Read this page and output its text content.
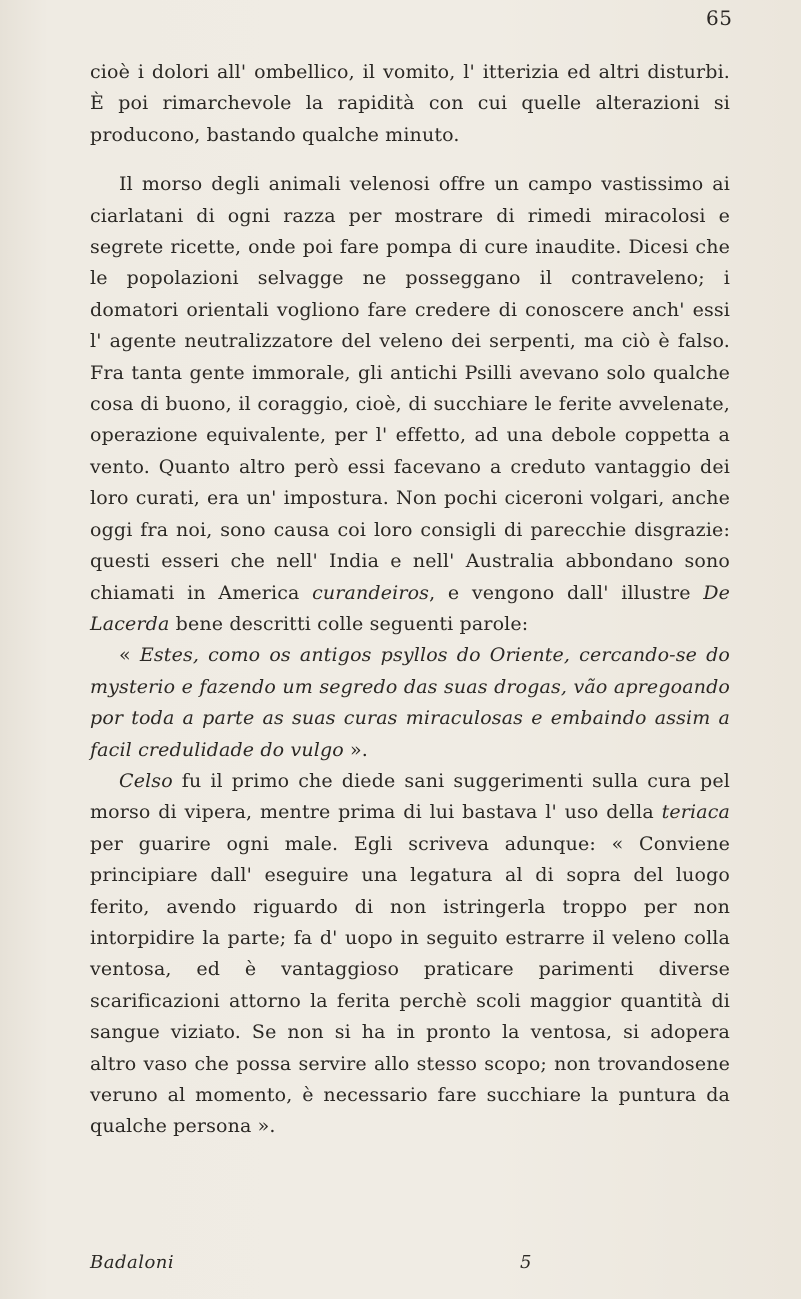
65

cioè i dolori all' ombellico, il vomito, l' itterizia ed altri disturbi. È poi rimarchevole la rapidità con cui quelle alterazioni si producono, bastando qualche minuto.

Il morso degli animali velenosi offre un campo vastissimo ai ciarlatani di ogni razza per mostrare di rimedi miracolosi e segrete ricette, onde poi fare pompa di cure inaudite. Dicesi che le popolazioni selvagge ne posseggano il contraveleno; i domatori orientali vogliono fare credere di conoscere anch' essi l' agente neutralizzatore del veleno dei serpenti, ma ciò è falso. Fra tanta gente immorale, gli antichi Psilli avevano solo qualche cosa di buono, il coraggio, cioè, di succhiare le ferite avvelenate, operazione equivalente, per l' effetto, ad una debole coppetta a vento. Quanto altro però essi facevano a creduto vantaggio dei loro curati, era un' impostura. Non pochi ciceroni volgari, anche oggi fra noi, sono causa coi loro consigli di parecchie disgrazie: questi esseri che nell' India e nell' Australia abbondano sono chiamati in America curandeiros, e vengono dall' illustre De Lacerda bene descritti colle seguenti parole:

« Estes, como os antigos psyllos do Oriente, cercando-se do mysterio e fazendo um segredo das suas drogas, vão apregoando por toda a parte as suas curas miraculosas e embaindo assim a facil credulidade do vulgo ».

Celso fu il primo che diede sani suggerimenti sulla cura pel morso di vipera, mentre prima di lui bastava l' uso della teriaca per guarire ogni male. Egli scriveva adunque: « Conviene principiare dall' eseguire una legatura al di sopra del luogo ferito, avendo riguardo di non istringerla troppo per non intorpidire la parte; fa d' uopo in seguito estrarre il veleno colla ventosa, ed è vantaggioso praticare parimenti diverse scarificazioni attorno la ferita perchè scoli maggior quantità di sangue viziato. Se non si ha in pronto la ventosa, si adopera altro vaso che possa servire allo stesso scopo; non trovandosene veruno al momento, è necessario fare succhiare la puntura da qualche persona ».

Badaloni	5
